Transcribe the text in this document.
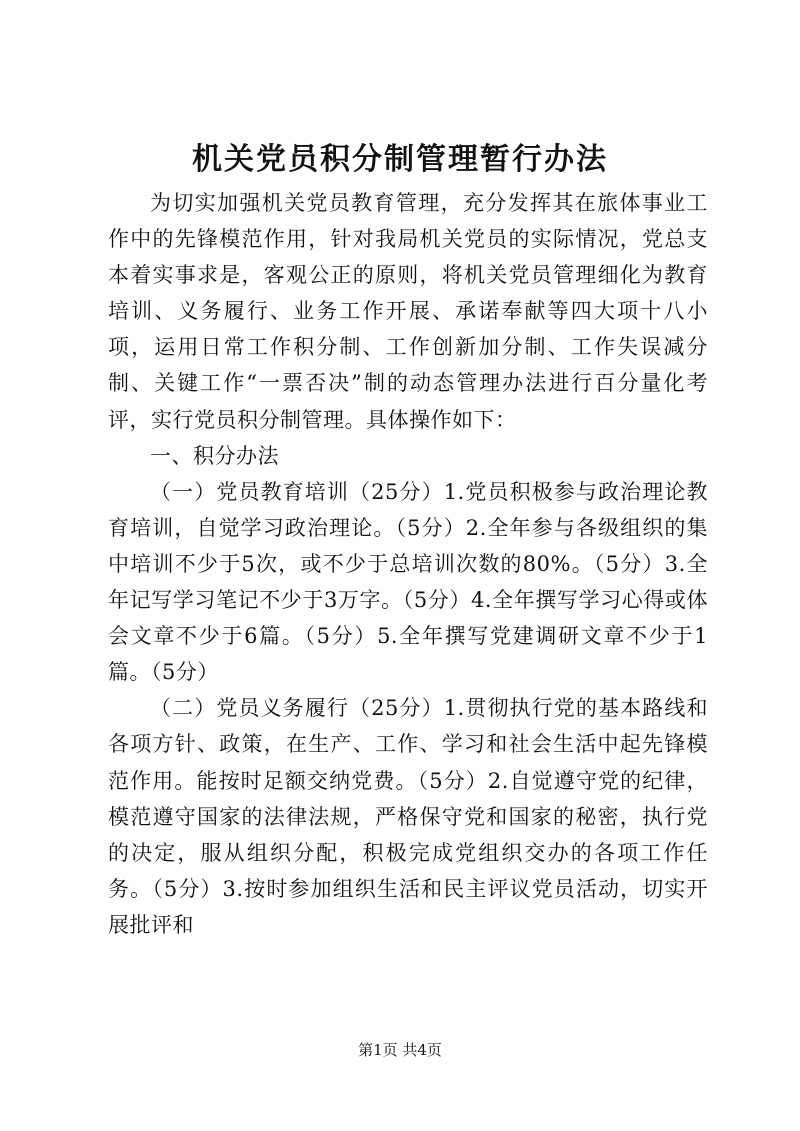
机关党员积分制管理暂行办法

为切实加强机关党员教育管理，充分发挥其在旅体事业工作中的先锋模范作用，针对我局机关党员的实际情况，党总支本着实事求是，客观公正的原则，将机关党员管理细化为教育培训、义务履行、业务工作开展、承诺奉献等四大项十八小项，运用日常工作积分制、工作创新加分制、工作失误减分制、关键工作“一票否决”制的动态管理办法进行百分量化考评，实行党员积分制管理。具体操作如下：

一、积分办法

（一）党员教育培训（25分）1.党员积极参与政治理论教育培训，自觉学习政治理论。（5分）2.全年参与各级组织的集中培训不少于5次，或不少于总培训次数的80%。（5分）3.全年记写学习笔记不少于3万字。（5分）4.全年撰写学习心得或体会文章不少于6篇。（5分）5.全年撰写党建调研文章不少于1篇。（5分）

（二）党员义务履行（25分）1.贯彻执行党的基本路线和各项方针、政策，在生产、工作、学习和社会生活中起先锋模范作用。能按时足额交纳党费。（5分）2.自觉遵守党的纪律，模范遵守国家的法律法规，严格保守党和国家的秘密，执行党的决定，服从组织分配，积极完成党组织交办的各项工作任务。（5分）3.按时参加组织生活和民主评议党员活动，切实开展批评和

第1页 共4页
